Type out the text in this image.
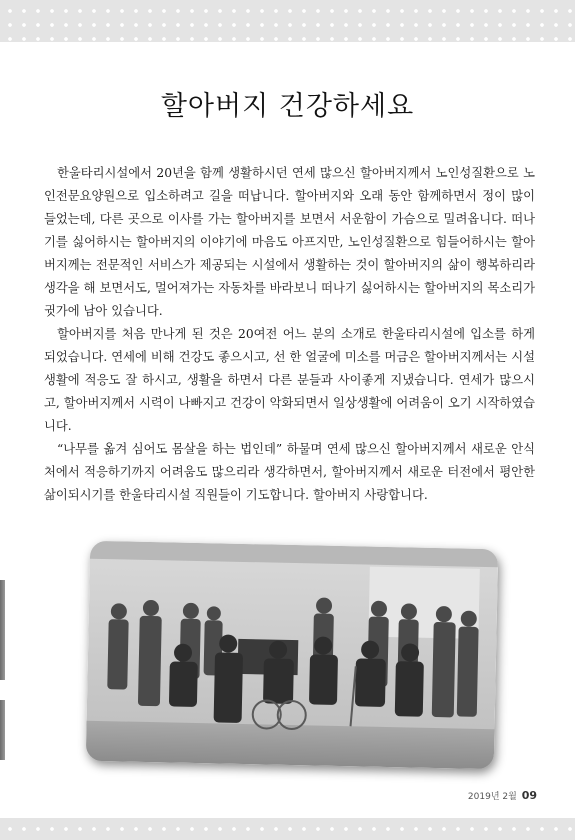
할아버지 건강하세요

한울타리시설에서 20년을 함께 생활하시던 연세 많으신 할아버지께서 노인성질환으로 노인전문요양원으로 입소하려고 길을 떠납니다. 할아버지와 오래 동안 함께하면서 정이 많이 들었는데, 다른 곳으로 이사를 가는 할아버지를 보면서 서운함이 가슴으로 밀려옵니다. 떠나기를 싫어하시는 할아버지의 이야기에 마음도 아프지만, 노인성질환으로 힘들어하시는 할아버지께는 전문적인 서비스가 제공되는 시설에서 생활하는 것이 할아버지의 삶이 행복하리라 생각을 해 보면서도, 멀어져가는 자동차를 바라보니 떠나기 싫어하시는 할아버지의 목소리가 귓가에 남아 있습니다.

할아버지를 처음 만나게 된 것은 20여전 어느 분의 소개로 한울타리시설에 입소를 하게 되었습니다. 연세에 비해 건강도 좋으시고, 선 한 얼굴에 미소를 머금은 할아버지께서는 시설생활에 적응도 잘 하시고, 생활을 하면서 다른 분들과 사이좋게 지냈습니다. 연세가 많으시고, 할아버지께서 시력이 나빠지고 건강이 악화되면서 일상생활에 어려움이 오기 시작하였습니다.

“나무를 옮겨 심어도 몸살을 하는 법인데” 하물며 연세 많으신 할아버지께서 새로운 안식처에서 적응하기까지 어려움도 많으리라 생각하면서, 할아버지께서 새로운 터전에서 평안한 삶이되시기를 한울타리시설 직원들이 기도합니다. 할아버지 사랑합니다.

2019년 2월 09
